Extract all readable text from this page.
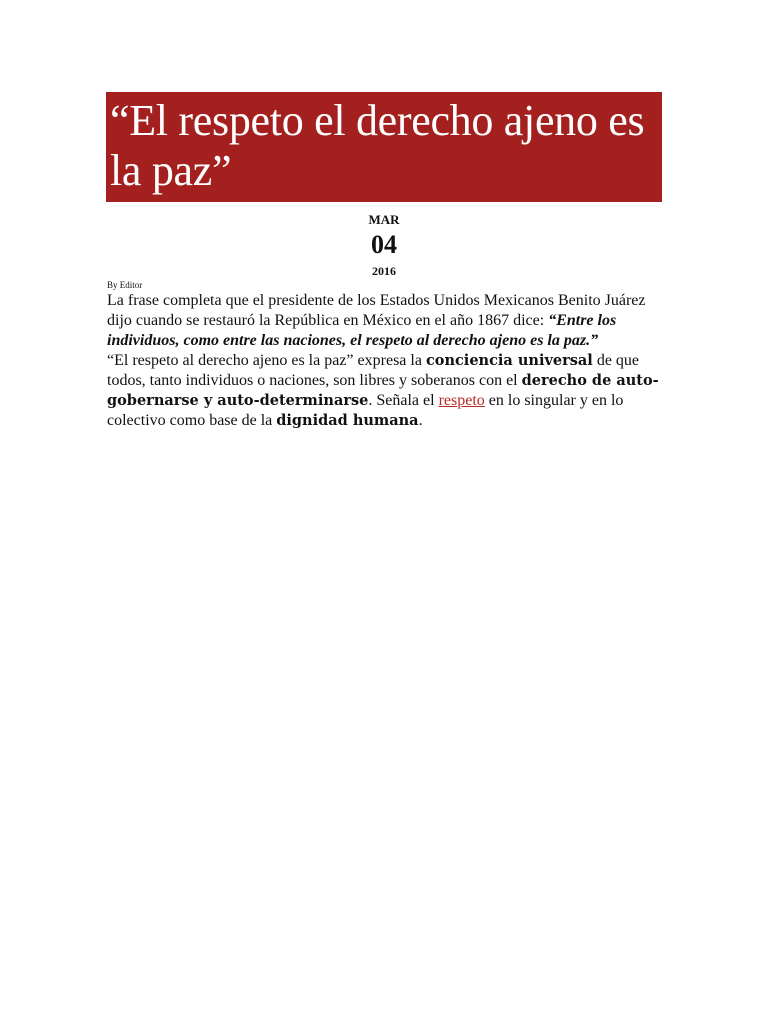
“El respeto el derecho ajeno es la paz”
MAR
04
2016
By Editor

La frase completa que el presidente de los Estados Unidos Mexicanos Benito Juárez dijo cuando se restauró la República en México en el año 1867 dice: “Entre los individuos, como entre las naciones, el respeto al derecho ajeno es la paz.”

“El respeto al derecho ajeno es la paz” expresa la conciencia universal de que todos, tanto individuos o naciones, son libres y soberanos con el derecho de auto-gobernarse y auto-determinarse. Señala el respeto en lo singular y en lo colectivo como base de la dignidad humana.
